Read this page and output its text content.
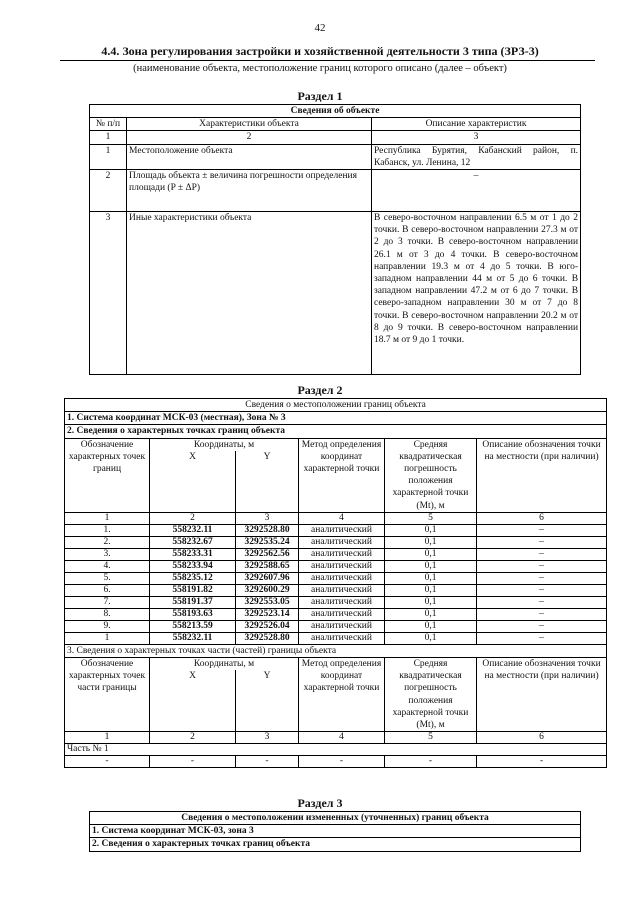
42
4.4. Зона регулирования застройки и хозяйственной деятельности 3 типа (ЗРЗ-3)
(наименование объекта, местоположение границ которого описано (далее – объект)
Раздел 1
Сведения об объекте		
№ п/п	Характеристики объекта	Описание характеристик
1	2	3
1	Местоположение объекта	Республика Бурятия, Кабанский район, п. Кабанск, ул. Ленина, 12
2	Площадь объекта ± величина погрешности определения площади (P ± ΔP)	–
3	Иные характеристики объекта	В северо-восточном направлении 6.5 м от 1 до 2 точки. В северо-восточном направлении 27.3 м от 2 до 3 точки. В северо-восточном направлении 26.1 м от 3 до 4 точки. В северо-восточном направлении 19.3 м от 4 до 5 точки. В юго-западном направлении 44 м от 5 до 6 точки. В западном направлении 47.2 м от 6 до 7 точки. В северо-западном направлении 30 м от 7 до 8 точки. В северо-восточном направлении 20.2 м от 8 до 9 точки. В северо-восточном направлении 18.7 м от 9 до 1 точки.
Раздел 2
Сведения о местоположении границ объекта					
1. Система координат МСК-03 (местная), Зона № 3					
2. Сведения о характерных точках границ объекта					
Обозначение характерных точек границ	Координаты, м		Метод определения координат характерной точки	Средняя квадратическая погрешность положения характерной точки (Mt), м	Описание обозначения точки на местности (при наличии)
	X	Y			
1	2	3	4	5	6
1.	558232.11	3292528.80	аналитический	0,1	–
2.	558232.67	3292535.24	аналитический	0,1	–
3.	558233.31	3292562.56	аналитический	0,1	–
4.	558233.94	3292588.65	аналитический	0,1	–
5.	558235.12	3292607.96	аналитический	0,1	–
6.	558191.82	3292600.29	аналитический	0,1	–
7.	558191.37	3292553.05	аналитический	0,1	–
8.	558193.63	3292523.14	аналитический	0,1	–
9.	558213.59	3292526.04	аналитический	0,1	–
1	558232.11	3292528.80	аналитический	0,1	–
3. Сведения о характерных точках части (частей) границы объекта					
Обозначение характерных точек части границы	Координаты, м		Метод определения координат характерной точки	Средняя квадратическая погрешность положения характерной точки (Mt), м	Описание обозначения точки на местности (при наличии)
	X	Y			
1	2	3	4	5	6
Часть № 1					
-	-	-	-	-	-
Раздел 3
Сведения о местоположении измененных (уточненных) границ объекта
1. Система координат МСК-03, зона 3
2. Сведения о характерных точках границ объекта
